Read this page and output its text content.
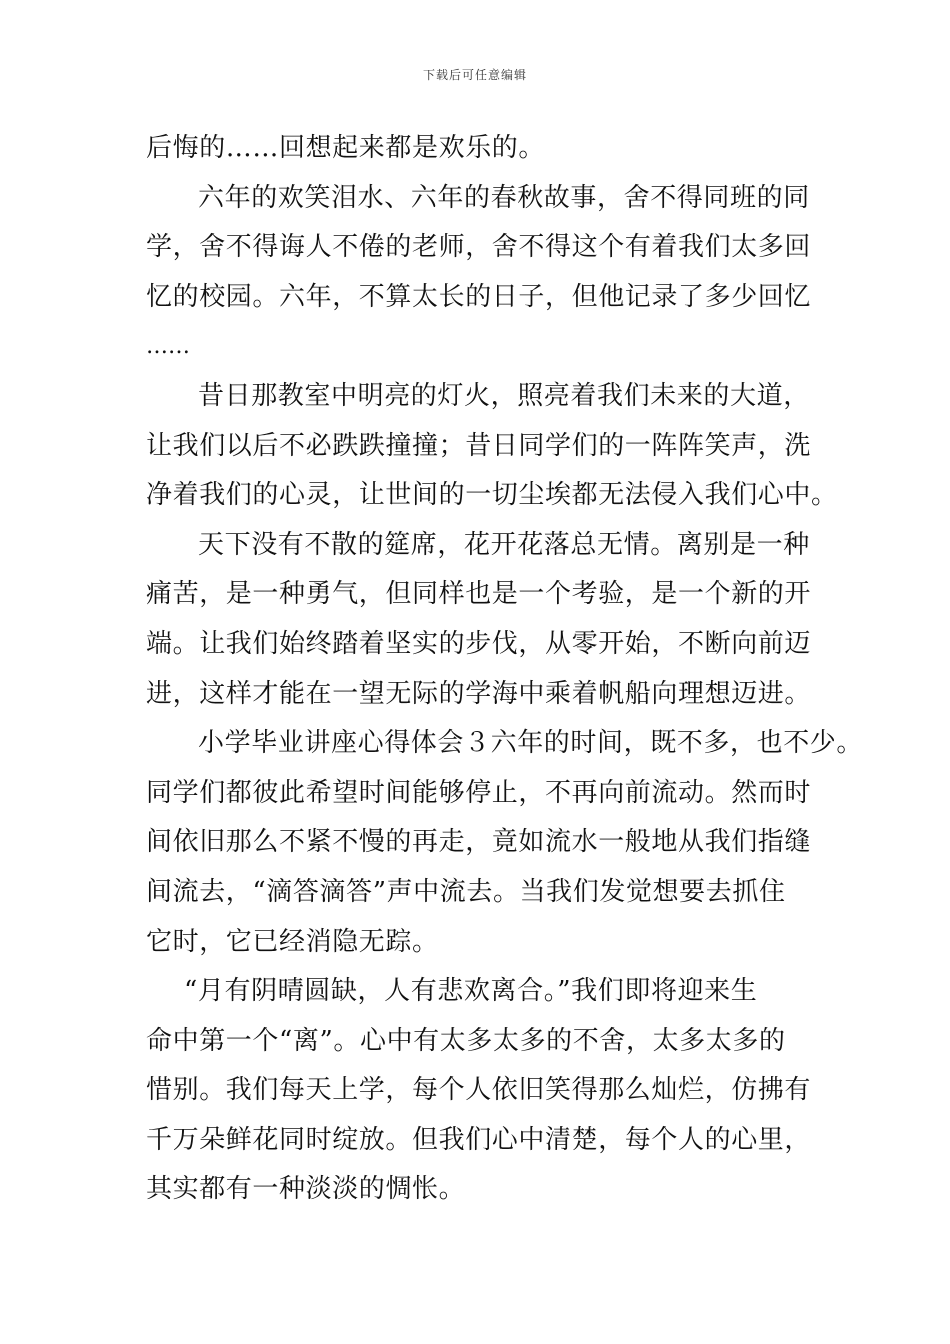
下载后可任意编辑
后悔的……回想起来都是欢乐的。
六年的欢笑泪水、六年的春秋故事，舍不得同班的同
学，舍不得诲人不倦的老师，舍不得这个有着我们太多回
忆的校园。六年，不算太长的日子，但他记录了多少回忆
……
昔日那教室中明亮的灯火，照亮着我们未来的大道，
让我们以后不必跌跌撞撞；昔日同学们的一阵阵笑声，洗
净着我们的心灵，让世间的一切尘埃都无法侵入我们心中。
天下没有不散的筵席，花开花落总无情。离别是一种
痛苦，是一种勇气，但同样也是一个考验，是一个新的开
端。让我们始终踏着坚实的步伐，从零开始，不断向前迈
进，这样才能在一望无际的学海中乘着帆船向理想迈进。
小学毕业讲座心得体会３六年的时间，既不多，也不少。
同学们都彼此希望时间能够停止，不再向前流动。然而时
间依旧那么不紧不慢的再走，竟如流水一般地从我们指缝
间流去，“滴答滴答”声中流去。当我们发觉想要去抓住
它时，它已经消隐无踪。
“月有阴晴圆缺，人有悲欢离合。”我们即将迎来生
命中第一个“离”。心中有太多太多的不舍，太多太多的
惜别。我们每天上学，每个人依旧笑得那么灿烂，仿拂有
千万朵鲜花同时绽放。但我们心中清楚，每个人的心里，
其实都有一种淡淡的惆怅。
